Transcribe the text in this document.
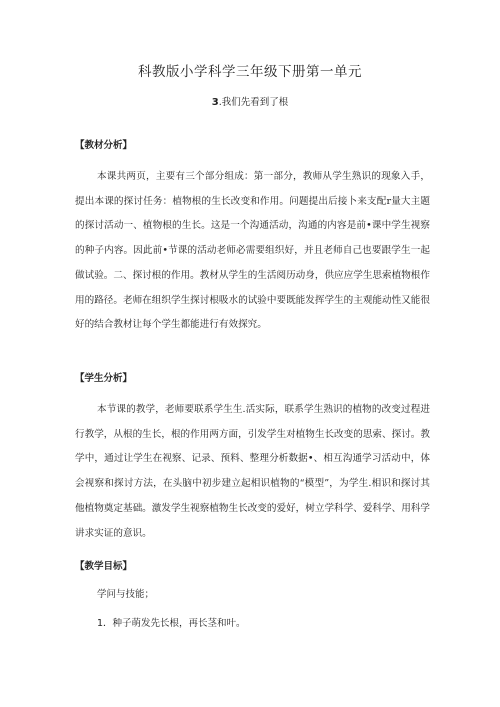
科教版小学科学三年级下册第一单元
3.我们先看到了根
【教材分析】

本课共两页，主要有三个部分组成：第一部分，教师从学生熟识的现象入手，提出本课的探讨任务：植物根的生长改变和作用。问题提出后接卜来支配r量大主题的探讨活动一、植物根的生长。这是一个沟通活动，沟通的内容是前•课中学生视察的种子内容。因此前•节课的活动老师必需要组织好，并且老师自己也要跟学生一起做试验。二、探讨根的作用。教材从学生的生活阅历动身，供应应学生思索植物根作用的路径。老师在组织学生探讨根吸水的试验中要既能发挥学生的主观能动性又能很好的结合教材让每个学生都能进行有效探究。

【学生分析】

本节课的教学，老师要联系学生生.活实际，联系学生熟识的植物的改变过程进行教学，从根的生长，根的作用两方面，引发学生对植物生长改变的思索、探讨。教学中，通过让学生在视察、记录、预料、整理分析数据•、相互沟通学习活动中，体会视察和探讨方法，在头脑中初步建立起相识植物的“模型”，为学生.相识和探讨其他植物奠定基础。激发学生视察植物生长改变的爱好，树立学科学、爱科学、用科学讲求实证的意识。

【教学目标】
学问与技能；
1．种子萌发先长根，再长茎和叶。
